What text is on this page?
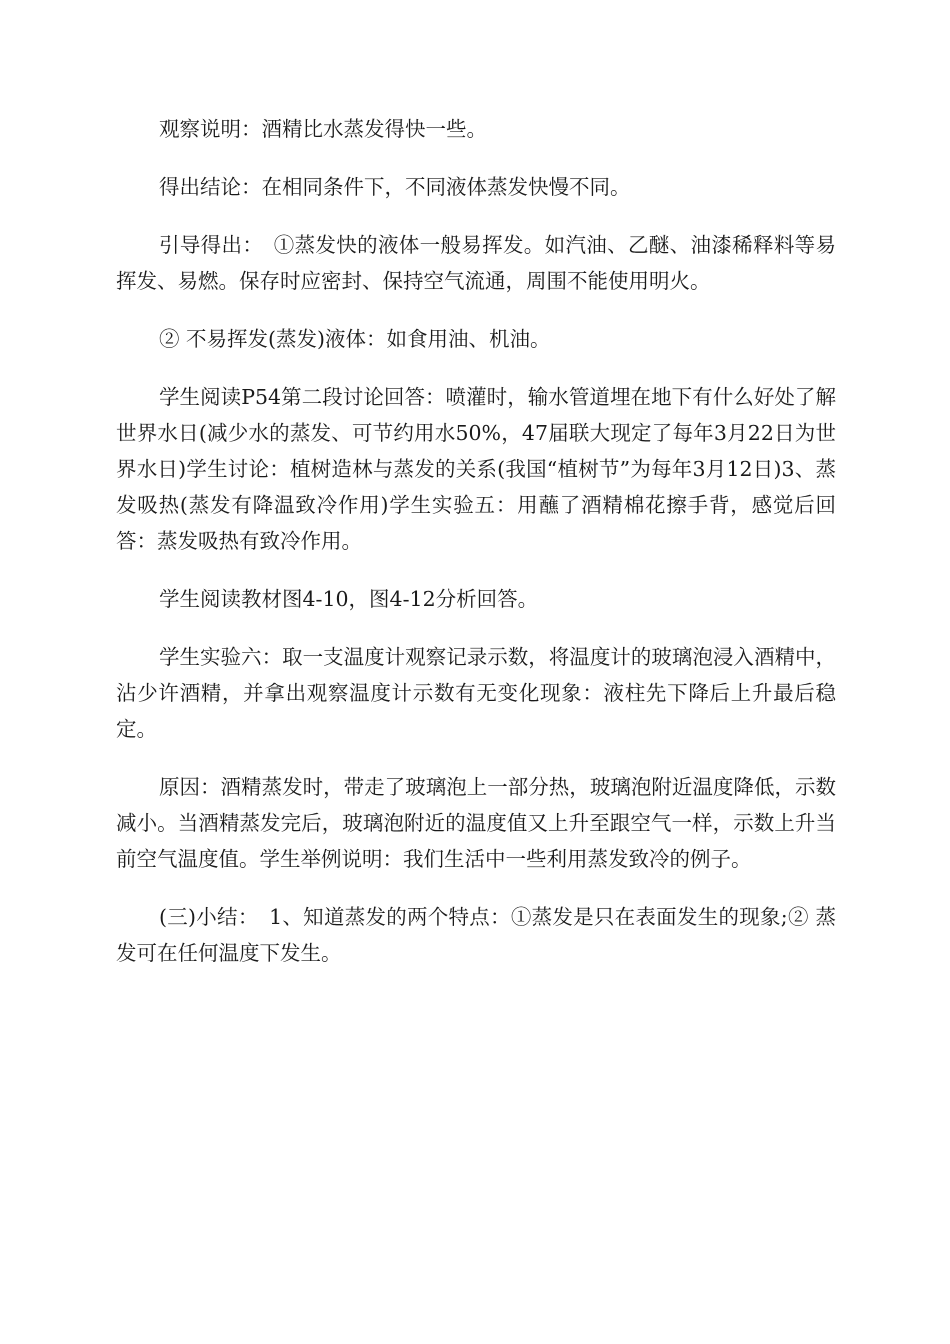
观察说明：酒精比水蒸发得快一些。

得出结论：在相同条件下，不同液体蒸发快慢不同。

引导得出：　①蒸发快的液体一般易挥发。如汽油、乙醚、油漆稀释料等易挥发、易燃。保存时应密封、保持空气流通，周围不能使用明火。

② 不易挥发(蒸发)液体：如食用油、机油。

学生阅读P54第二段讨论回答：喷灌时，输水管道埋在地下有什么好处了解世界水日(减少水的蒸发、可节约用水50%，47届联大现定了每年3月22日为世界水日)学生讨论：植树造林与蒸发的关系(我国“植树节”为每年3月12日)3、蒸发吸热(蒸发有降温致冷作用)学生实验五：用蘸了酒精棉花擦手背，感觉后回答：蒸发吸热有致冷作用。

学生阅读教材图4-10，图4-12分析回答。

学生实验六：取一支温度计观察记录示数，将温度计的玻璃泡浸入酒精中，沾少许酒精，并拿出观察温度计示数有无变化现象：液柱先下降后上升最后稳定。

原因：酒精蒸发时，带走了玻璃泡上一部分热，玻璃泡附近温度降低，示数减小。当酒精蒸发完后，玻璃泡附近的温度值又上升至跟空气一样，示数上升当前空气温度值。学生举例说明：我们生活中一些利用蒸发致冷的例子。

(三)小结：　1、知道蒸发的两个特点：①蒸发是只在表面发生的现象;② 蒸发可在任何温度下发生。
